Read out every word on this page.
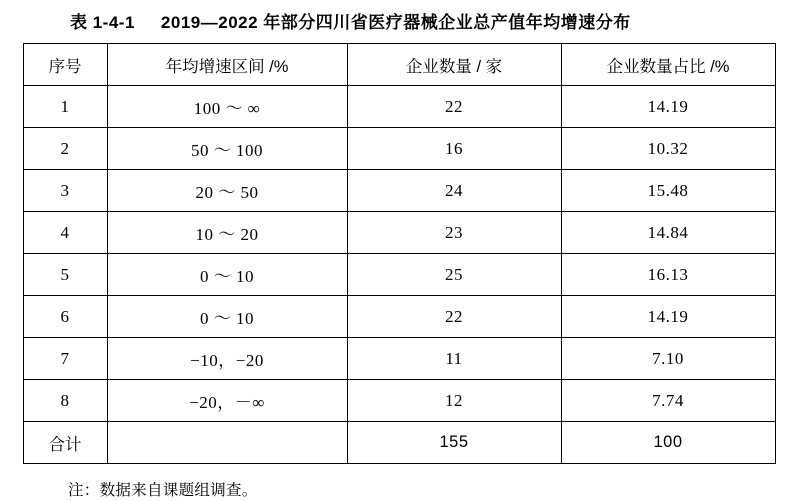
表 1-4-1 2019—2022 年部分四川省医疗器械企业总产值年均增速分布
序号	年均增速区间 /%	企业数量 / 家	企业数量占比 /%
1	100 ～ ∞	22	14.19
2	50 ～ 100	16	10.32
3	20 ～ 50	24	15.48
4	10 ～ 20	23	14.84
5	0 ～ 10	25	16.13
6	0 ～ 10	22	14.19
7	−10，−20	11	7.10
8	−20，－∞	12	7.74
合计		155	100
注：数据来自课题组调查。
